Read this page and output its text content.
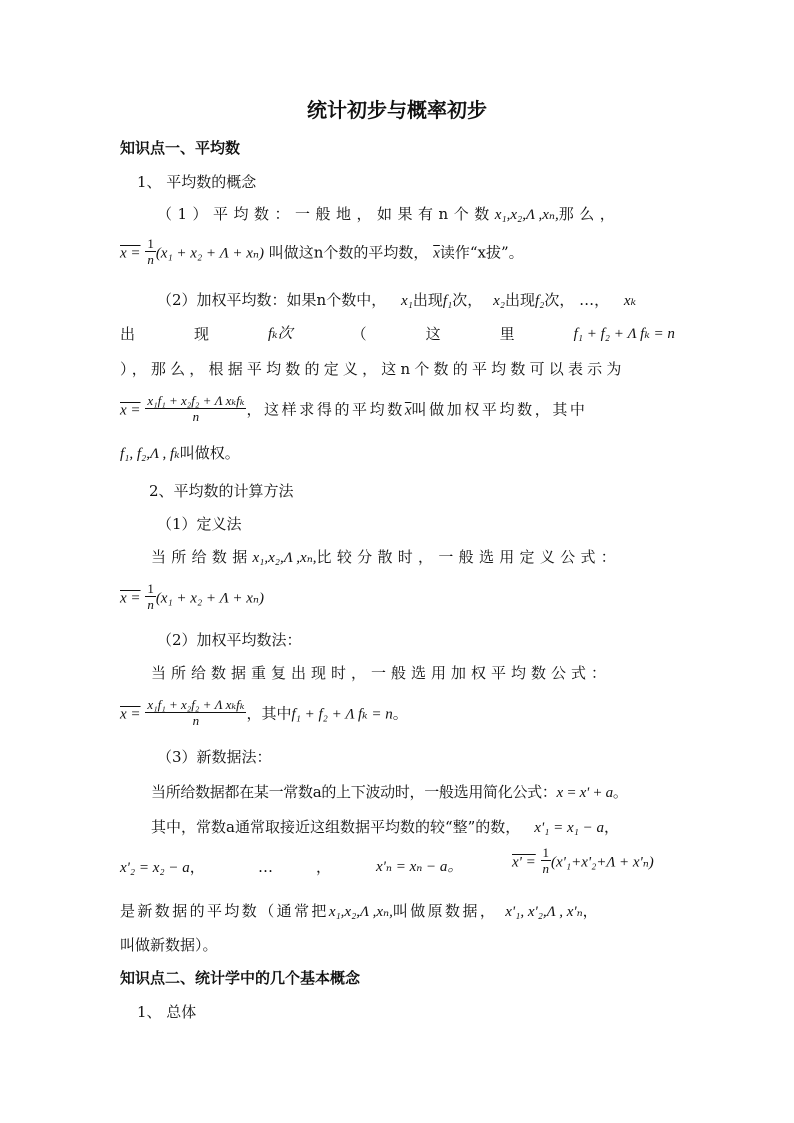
统计初步与概率初步
知识点一、平均数
1、 平均数的概念
（1）平均数：一般地，如果有n个数x₁,x₂,Λ ,xₙ,那么，
$x = \frac{1}{n} (x_1 + x_2 + \Lambda + x_n)$ 叫做这n个数的平均数， $\overline{x}$读作“x拔”。
（2）加权平均数：如果n个数中， x₁出现f₁次， x₂出现f₂次， …， xₖ
出	现	fₖ次	（	这	里	f₁ + f₂ + Λ fₖ = n
），那么，根据平均数的定义，这n个数的平均数可以表示为
$x = \frac{\text{x₁f₁ + x₂f₂ + Λ xₖfₖ}}{n}$ ，这样求得的平均数$\overline{x}$叫做加权平均数，其中
f₁, f₂,Λ , fₖ叫做权。
2、平均数的计算方法
（1）定义法
当所给数据x₁,x₂,Λ ,xₙ,比较分散时，一般选用定义公式：
$x = \frac{1}{n} (x_1 + x_2 + \Lambda + x_n)$
（2）加权平均数法：
当所给数据重复出现时，一般选用加权平均数公式：
$x = \frac{\text{x₁f₁ + x₂f₂ + Λ xₖfₖ}}{n}$ ，其中f₁ + f₂ + Λ fₖ = n。
（3）新数据法：
当所给数据都在某一常数a的上下波动时，一般选用简化公式：x = x' + a。
其中，常数a通常取接近这组数据平均数的较“整”的数， x'₁ = x₁ − a，
x'₂ = x₂ − a，	…	，	x'ₙ = xₙ − a。	$x' = \frac{1}{n} (x'_1+x'_2+\Lambda + x'_n)$
是新数据的平均数（通常把x₁,x₂,Λ ,xₙ,叫做原数据， x'₁, x'₂,Λ , x'ₙ，
叫做新数据）。
知识点二、统计学中的几个基本概念
1、 总体
